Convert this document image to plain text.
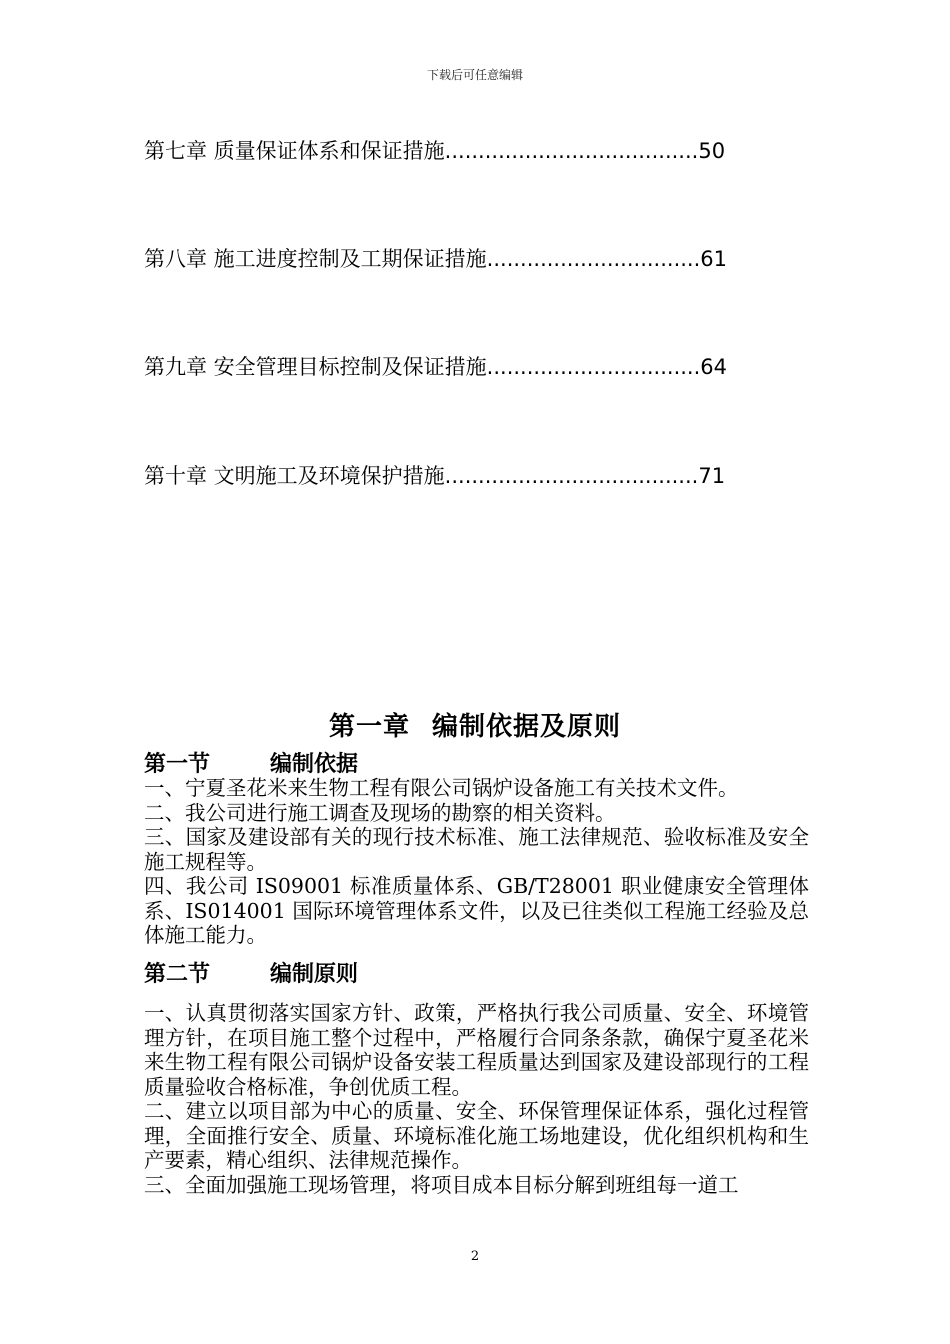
下载后可任意编辑
第七章 质量保证体系和保证措施......................................50
第八章 施工进度控制及工期保证措施................................61
第九章 安全管理目标控制及保证措施................................64
第十章 文明施工及环境保护措施......................................71
第一章 编制依据及原则
第一节	编制依据

一、宁夏圣花米来生物工程有限公司锅炉设备施工有关技术文件。

二、我公司进行施工调查及现场的勘察的相关资料。

三、国家及建设部有关的现行技术标准、施工法律规范、验收标准及安全施工规程等。

四、我公司 IS09001 标准质量体系、GB/T28001 职业健康安全管理体系、IS014001 国际环境管理体系文件，以及已往类似工程施工经验及总体施工能力。

第二节	编制原则

一、认真贯彻落实国家方针、政策，严格执行我公司质量、安全、环境管理方针，在项目施工整个过程中，严格履行合同条条款，确保宁夏圣花米来生物工程有限公司锅炉设备安装工程质量达到国家及建设部现行的工程质量验收合格标准，争创优质工程。

二、建立以项目部为中心的质量、安全、环保管理保证体系，强化过程管理，全面推行安全、质量、环境标准化施工场地建设，优化组织机构和生产要素，精心组织、法律规范操作。

三、全面加强施工现场管理，将项目成本目标分解到班组每一道工

2
